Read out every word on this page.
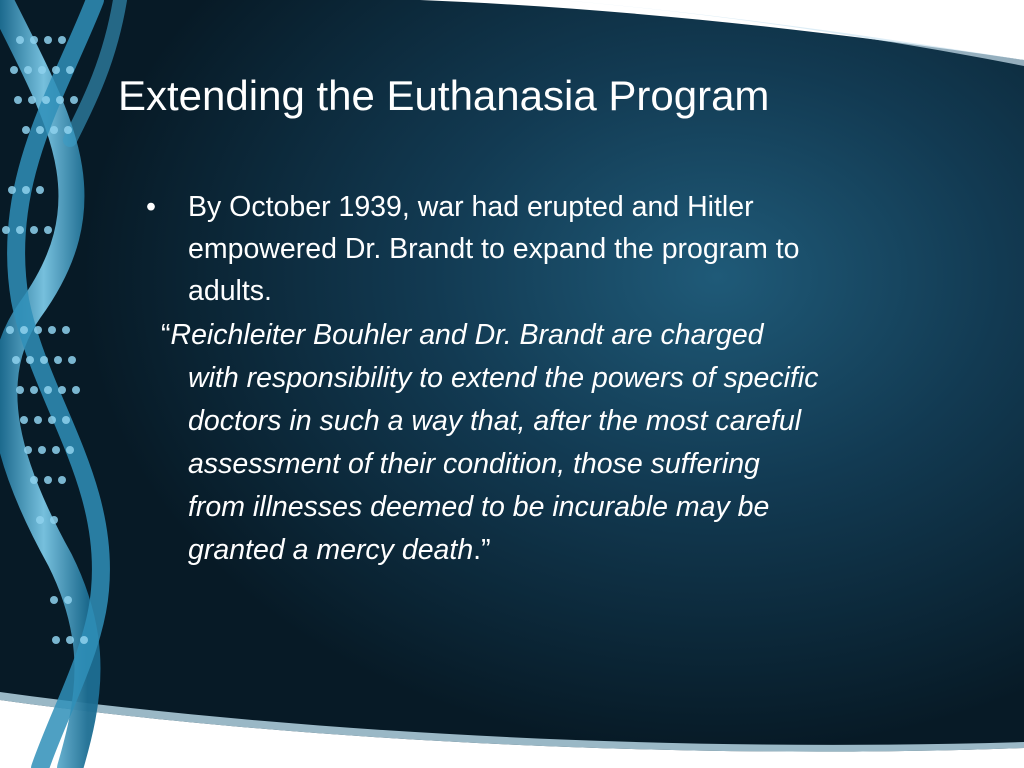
Extending the Euthanasia Program
• By October 1939, war had erupted and Hitler
empowered Dr. Brandt to expand the program to
adults.
“Reichleiter Bouhler and Dr. Brandt are charged
with responsibility to extend the powers of specific
doctors in such a way that, after the most careful
assessment of their condition, those suffering
from illnesses deemed to be incurable may be
granted a mercy death.”
